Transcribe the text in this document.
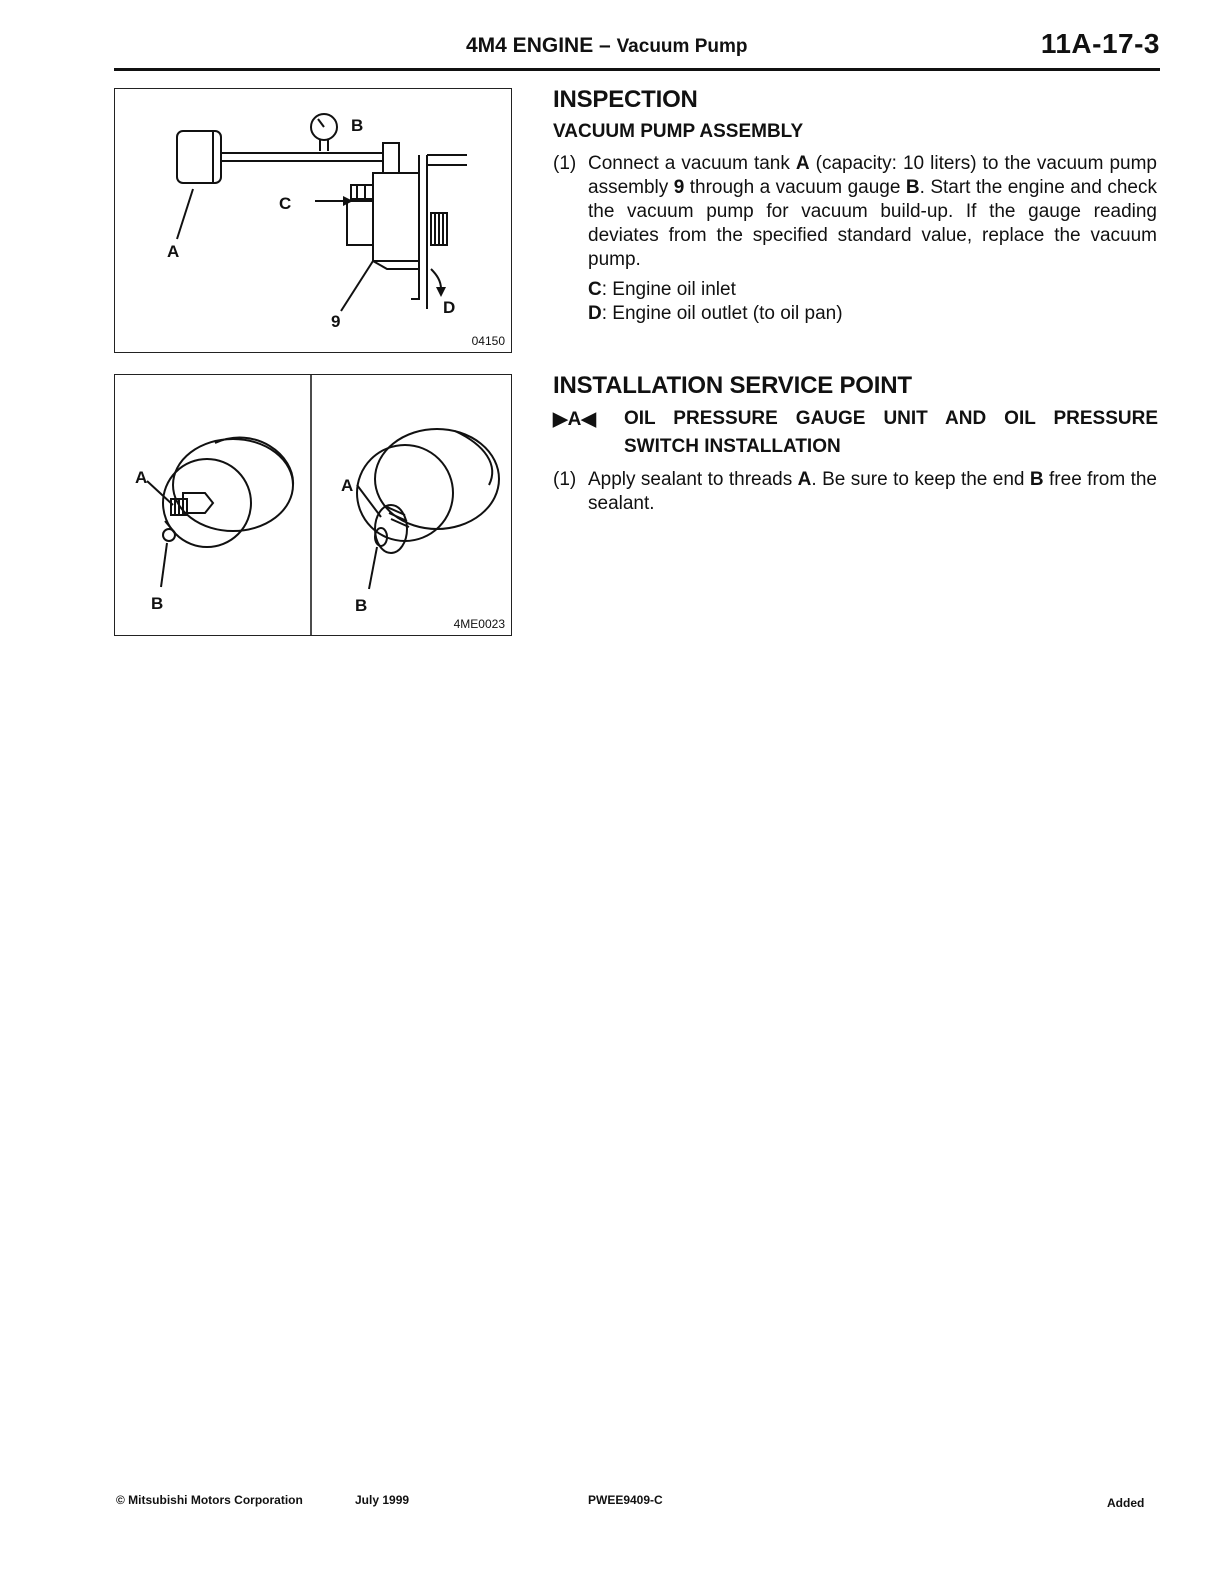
4M4 ENGINE – Vacuum Pump	11A-17-3
B
C
A
D
9
04150
A
B
A
B
4ME0023
INSPECTION
VACUUM PUMP ASSEMBLY
(1) Connect a vacuum tank A (capacity: 10 liters) to the vacuum pump assembly 9 through a vacuum gauge B. Start the engine and check the vacuum pump for vacuum build-up. If the gauge reading deviates from the specified standard value, replace the vacuum pump.
C: Engine oil inlet
D: Engine oil outlet (to oil pan)
INSTALLATION SERVICE POINT
▶A◀ OIL PRESSURE GAUGE UNIT AND OIL PRESSURE
SWITCH INSTALLATION
(1) Apply sealant to threads A. Be sure to keep the end B free from the sealant.
© Mitsubishi Motors Corporation	July 1999	PWEE9409-C	Added
